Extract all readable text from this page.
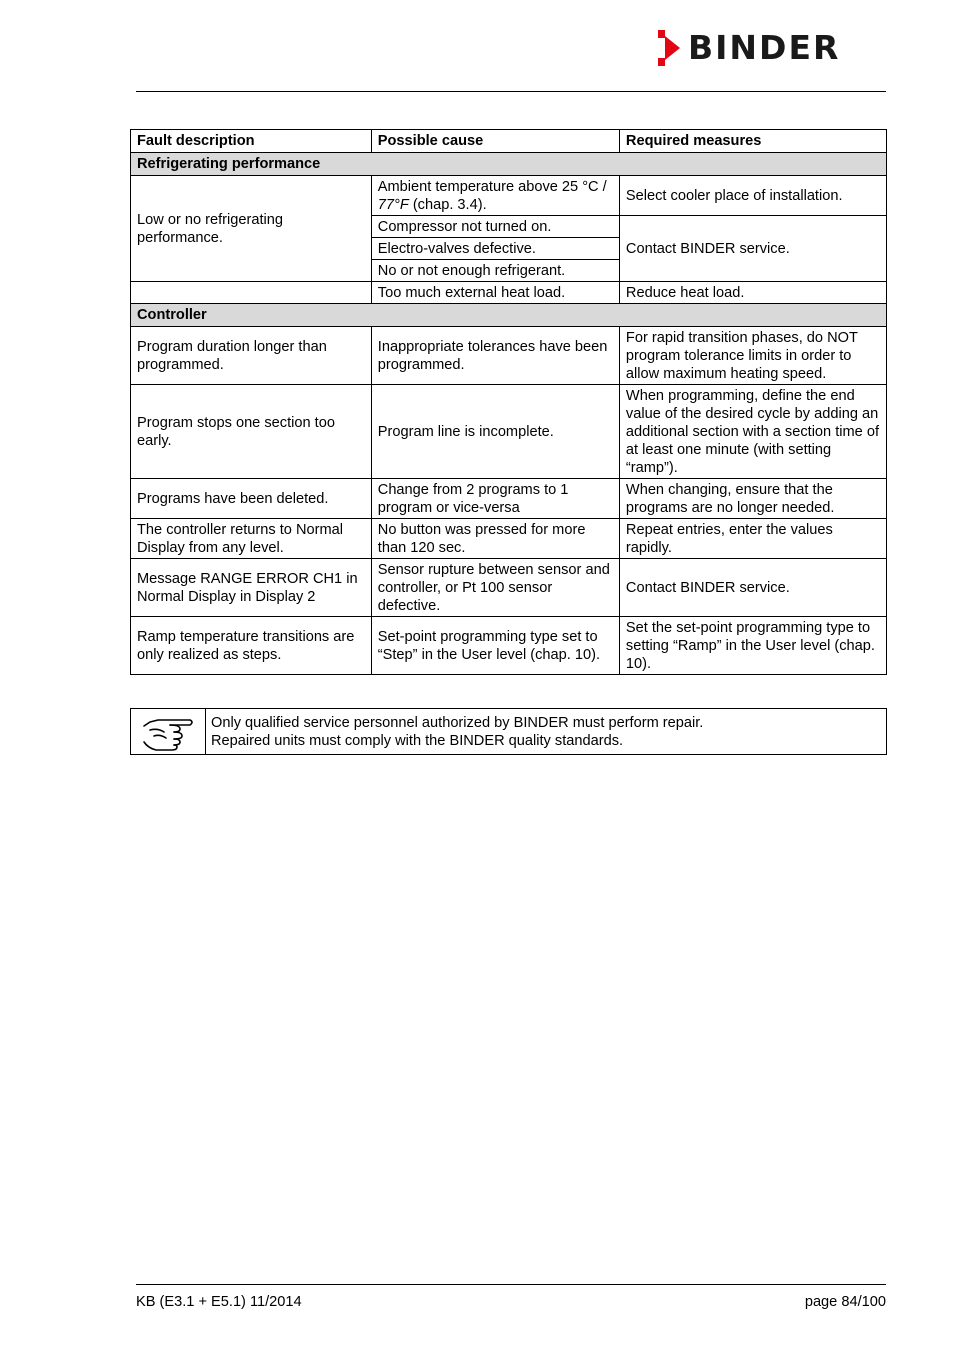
BINDER
Fault description	Possible cause	Required measures
Refrigerating performance		
Low or no refrigerating performance.	Ambient temperature above 25 °C / 77°F (chap. 3.4).	Select cooler place of installation.
	Compressor not turned on.	Contact BINDER service.
	Electro-valves defective.	
	No or not enough refrigerant.	
	Too much external heat load.	Reduce heat load.
Controller		
Program duration longer than programmed.	Inappropriate tolerances have been programmed.	For rapid transition phases, do NOT program tolerance limits in order to allow maximum heating speed.
Program stops one section too early.	Program line is incomplete.	When programming, define the end value of the desired cycle by adding an additional section with a section time of at least one minute (with setting “ramp”).
Programs have been deleted.	Change from 2 programs to 1 program or vice-versa	When changing, ensure that the programs are no longer needed.
The controller returns to Normal Display from any level.	No button was pressed for more than 120 sec.	Repeat entries, enter the values rapidly.
Message RANGE ERROR CH1 in Normal Display in Display 2	Sensor rupture between sensor and controller, or Pt 100 sensor defective.	Contact BINDER service.
Ramp temperature transitions are only realized as steps.	Set-point programming type set to “Step” in the User level (chap. 10).	Set the set-point programming type to setting “Ramp” in the User level (chap. 10).
Only qualified service personnel authorized by BINDER must perform repair.
Repaired units must comply with the BINDER quality standards.
KB (E3.1 + E5.1) 11/2014	page 84/100
